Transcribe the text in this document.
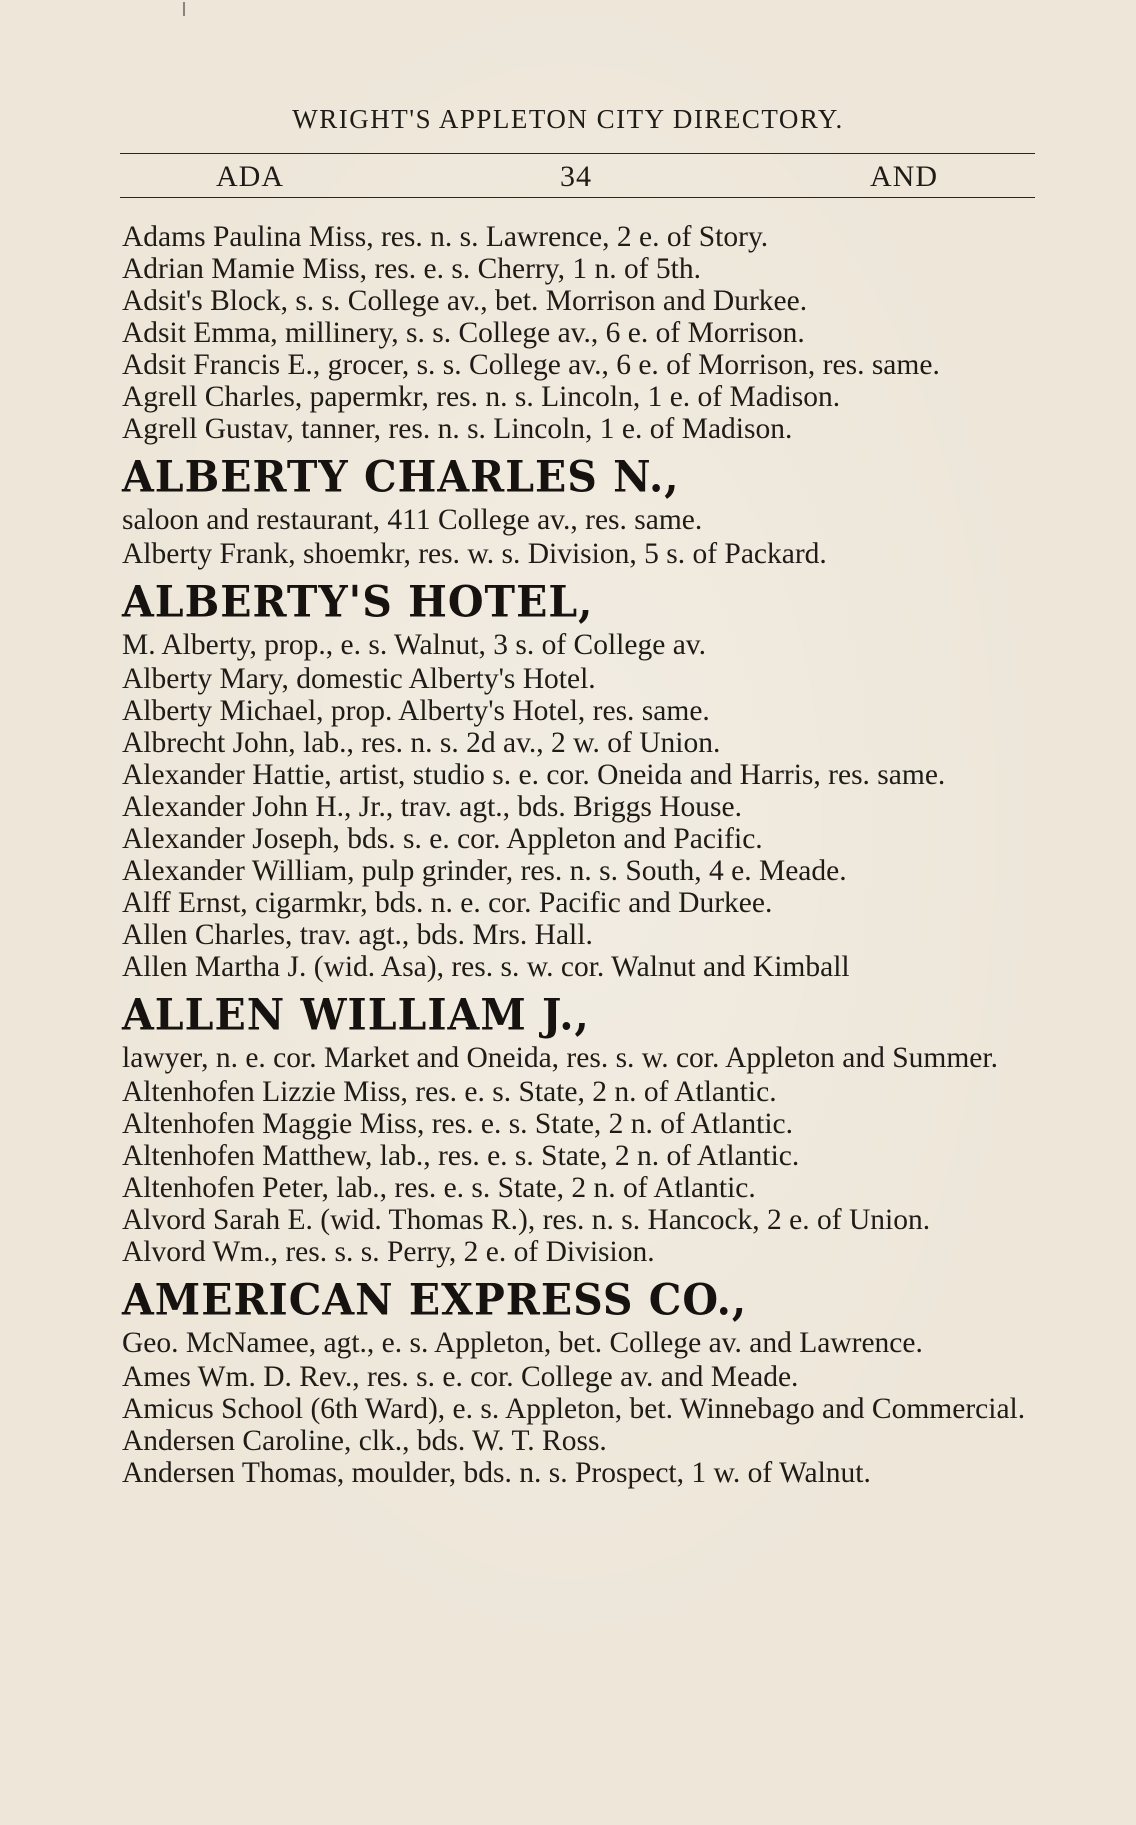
WRIGHT'S APPLETON CITY DIRECTORY.
ADA	34	AND
Adams Paulina Miss, res. n. s. Lawrence, 2 e. of Story.
Adrian Mamie Miss, res. e. s. Cherry, 1 n. of 5th.
Adsit's Block, s. s. College av., bet. Morrison and Durkee.
Adsit Emma, millinery, s. s. College av., 6 e. of Morrison.
Adsit Francis E., grocer, s. s. College av., 6 e. of Morrison, res. same.
Agrell Charles, papermkr, res. n. s. Lincoln, 1 e. of Madison.
Agrell Gustav, tanner, res. n. s. Lincoln, 1 e. of Madison.
ALBERTY CHARLES N.,
saloon and restaurant, 411 College av., res. same.
Alberty Frank, shoemkr, res. w. s. Division, 5 s. of Packard.
ALBERTY'S HOTEL,
M. Alberty, prop., e. s. Walnut, 3 s. of College av.
Alberty Mary, domestic Alberty's Hotel.
Alberty Michael, prop. Alberty's Hotel, res. same.
Albrecht John, lab., res. n. s. 2d av., 2 w. of Union.
Alexander Hattie, artist, studio s. e. cor. Oneida and Harris, res. same.
Alexander John H., Jr., trav. agt., bds. Briggs House.
Alexander Joseph, bds. s. e. cor. Appleton and Pacific.
Alexander William, pulp grinder, res. n. s. South, 4 e. Meade.
Alff Ernst, cigarmkr, bds. n. e. cor. Pacific and Durkee.
Allen Charles, trav. agt., bds. Mrs. Hall.
Allen Martha J. (wid. Asa), res. s. w. cor. Walnut and Kimball
ALLEN WILLIAM J.,
lawyer, n. e. cor. Market and Oneida, res. s. w. cor. Appleton and Summer.
Altenhofen Lizzie Miss, res. e. s. State, 2 n. of Atlantic.
Altenhofen Maggie Miss, res. e. s. State, 2 n. of Atlantic.
Altenhofen Matthew, lab., res. e. s. State, 2 n. of Atlantic.
Altenhofen Peter, lab., res. e. s. State, 2 n. of Atlantic.
Alvord Sarah E. (wid. Thomas R.), res. n. s. Hancock, 2 e. of Union.
Alvord Wm., res. s. s. Perry, 2 e. of Division.
AMERICAN EXPRESS CO.,
Geo. McNamee, agt., e. s. Appleton, bet. College av. and Lawrence.
Ames Wm. D. Rev., res. s. e. cor. College av. and Meade.
Amicus School (6th Ward), e. s. Appleton, bet. Winnebago and Commercial.
Andersen Caroline, clk., bds. W. T. Ross.
Andersen Thomas, moulder, bds. n. s. Prospect, 1 w. of Walnut.
